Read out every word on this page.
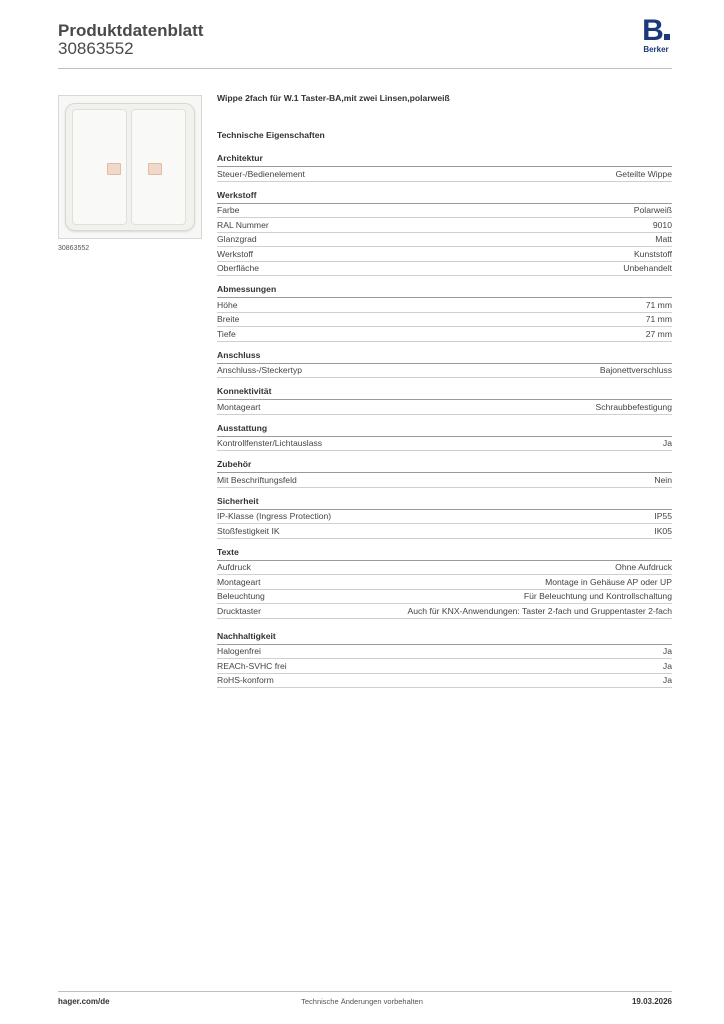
Produktdatenblatt
30863552
B
Berker
30863552
Wippe 2fach für W.1 Taster-BA,mit zwei Linsen,polarweiß
Technische Eigenschaften
Architektur
Steuer-/Bedienelement	Geteilte Wippe
Werkstoff
Farbe	Polarweiß
RAL Nummer	9010
Glanzgrad	Matt
Werkstoff	Kunststoff
Oberfläche	Unbehandelt
Abmessungen
Höhe	71 mm
Breite	71 mm
Tiefe	27 mm
Anschluss
Anschluss-/Steckertyp	Bajonettverschluss
Konnektivität
Montageart	Schraubbefestigung
Ausstattung
Kontrollfenster/Lichtauslass	Ja
Zubehör
Mit Beschriftungsfeld	Nein
Sicherheit
IP-Klasse (Ingress Protection)	IP55
Stoßfestigkeit IK	IK05
Texte
Aufdruck	Ohne Aufdruck
Montageart	Montage in Gehäuse AP oder UP
Beleuchtung	Für Beleuchtung und Kontrollschaltung
Drucktaster	Auch für KNX-Anwendungen: Taster 2-fach und Gruppentaster 2-fach
Nachhaltigkeit
Halogenfrei	Ja
REACh-SVHC frei	Ja
RoHS-konform	Ja
hager.com/de	Technische Änderungen vorbehalten	19.03.2026
